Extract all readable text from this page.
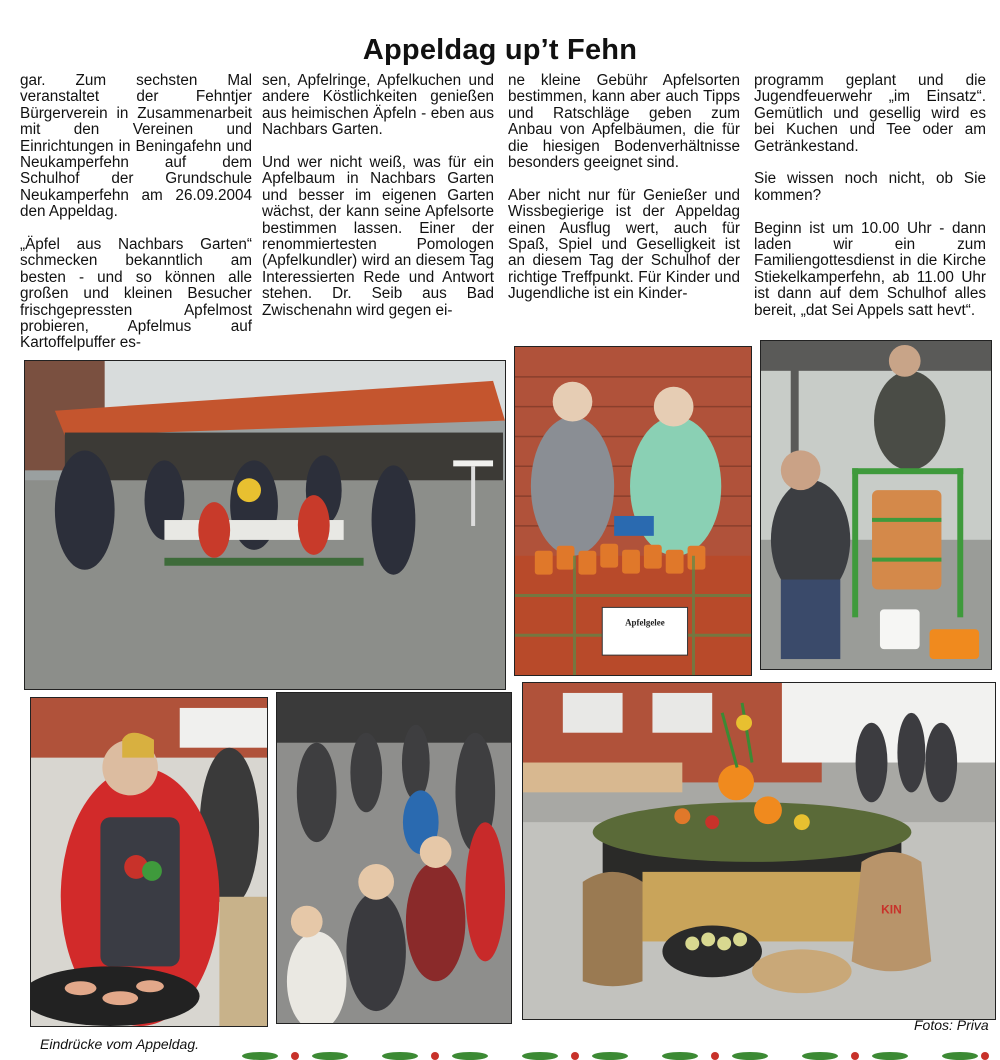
Appeldag up’t Fehn

gar. Zum sechsten Mal veranstaltet der Fehntjer Bürgerverein in Zusammenarbeit mit den Vereinen und Einrichtungen in Beningafehn und Neukamperfehn auf dem Schulhof der Grundschule Neukamperfehn am 26.09.2004 den Appeldag.

„Äpfel aus Nachbars Garten“ schmecken bekanntlich am besten - und so können alle großen und kleinen Besucher frischgepressten Apfelmost probieren, Apfelmus auf Kartoffelpuffer es-

sen, Apfelringe, Apfelkuchen und andere Köstlichkeiten genießen aus heimischen Äpfeln - eben aus Nachbars Garten.

Und wer nicht weiß, was für ein Apfelbaum in Nachbars Garten und besser im eigenen Garten wächst, der kann seine Apfelsorte bestimmen lassen. Einer der renommiertesten Pomologen (Apfelkundler) wird an diesem Tag Interessierten Rede und Antwort stehen. Dr. Seib aus Bad Zwischenahn wird gegen ei-

ne kleine Gebühr Apfelsorten bestimmen, kann aber auch Tipps und Ratschläge geben zum Anbau von Apfelbäumen, die für die hiesigen Bodenverhältnisse besonders geeignet sind.

Aber nicht nur für Genießer und Wissbegierige ist der Appeldag einen Ausflug wert, auch für Spaß, Spiel und Geselligkeit ist an diesem Tag der Schulhof der richtige Treffpunkt. Für Kinder und Jugendliche ist ein Kinder-

programm geplant und die Jugendfeuerwehr „im Einsatz“. Gemütlich und gesellig wird es bei Kuchen und Tee oder am Getränkestand.

Sie wissen noch nicht, ob Sie kommen?

Beginn ist um 10.00 Uhr - dann laden wir ein zum Familiengottesdienst in die Kirche Stiekelkamperfehn, ab 11.00 Uhr ist dann auf dem Schulhof alles bereit, „dat Sei Appels satt hevt“.

Apfelgelee
KIN
Eindrücke vom Appeldag.
Fotos: Priva
